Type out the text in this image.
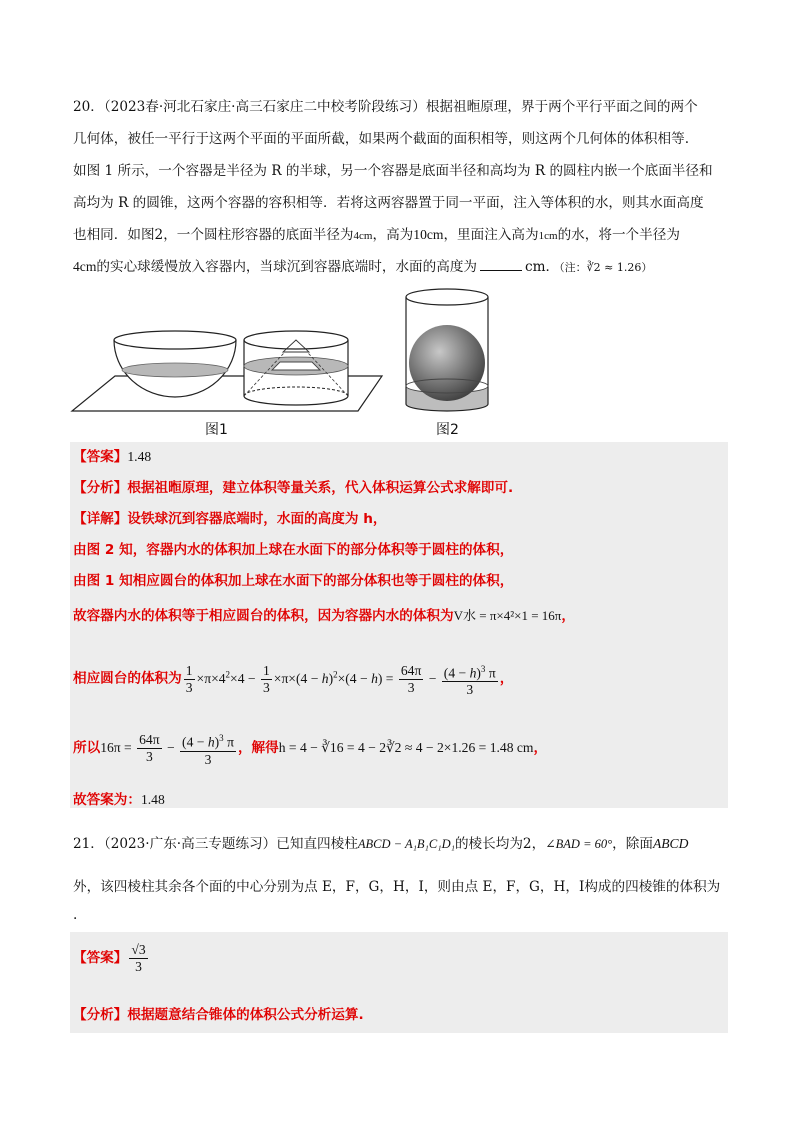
20．（2023春·河北石家庄·高三石家庄二中校考阶段练习）根据祖暅原理，界于两个平行平面之间的两个
几何体，被任一平行于这两个平面的平面所截，如果两个截面的面积相等，则这两个几何体的体积相等.
如图 1 所示，一个容器是半径为 R 的半球，另一个容器是底面半径和高均为 R 的圆柱内嵌一个底面半径和
高均为 R 的圆锥，这两个容器的容积相等．若将这两容器置于同一平面，注入等体积的水，则其水面高度
也相同．如图2，一个圆柱形容器的底面半径为4cm，高为10cm，里面注入高为1cm的水，将一个半径为
4cm的实心球缓慢放入容器内，当球沉到容器底端时，水面的高度为	cm．（注：∛2 ≈ 1.26）
图1	图2
【答案】1.48
【分析】根据祖暅原理，建立体积等量关系，代入体积运算公式求解即可.
【详解】设铁球沉到容器底端时，水面的高度为 h，
由图 2 知，容器内水的体积加上球在水面下的部分体积等于圆柱的体积，
由图 1 知相应圆台的体积加上球在水面下的部分体积也等于圆柱的体积，
故容器内水的体积等于相应圆台的体积，因为容器内水的体积为V水 = π×4²×1 = 16π，
相应圆台的体积为 $\frac{1}{3} \times\pi\times 4^2\times 4 - \frac{1}{3} \times\pi\times(4 - h)^2\times(4 - h) = \frac{64\pi}{3} - \frac{(4 - h)^3 \pi}{3}$ ，
所以$16\pi = \frac{64\pi}{3} - \frac{(4 - h)^3 \pi}{3}$ ，解得h = 4 − ∛16 = 4 − 2∛2 ≈ 4 − 2×1.26 = 1.48 cm，
故答案为：1.48
21．（2023·广东·高三专题练习）已知直四棱柱ABCD − A₁B₁C₁D₁的棱长均为2，∠BAD = 60°，除面ABCD
外，该四棱柱其余各个面的中心分别为点 E，F，G，H，I，则由点 E，F，G，H，I构成的四棱锥的体积为
.
【答案】 $\frac{√3}{3}$
【分析】根据题意结合锥体的体积公式分析运算.
